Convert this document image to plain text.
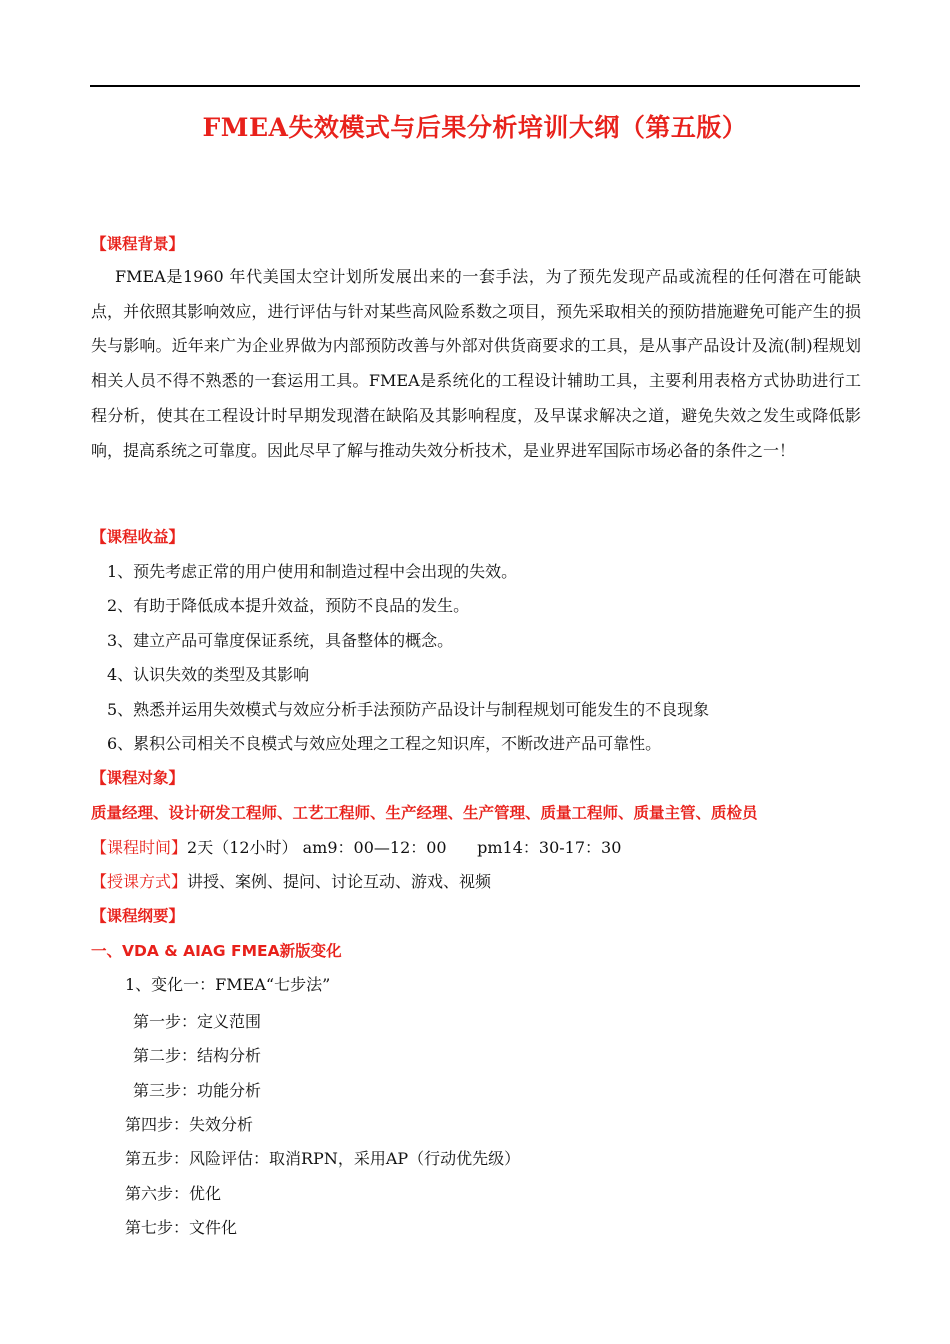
FMEA失效模式与后果分析培训大纲（第五版）
【课程背景】
FMEA是1960 年代美国太空计划所发展出来的一套手法，为了预先发现产品或流程的任何潜在可能缺点，并依照其影响效应，进行评估与针对某些高风险系数之项目，预先采取相关的预防措施避免可能产生的损失与影响。近年来广为企业界做为内部预防改善与外部对供货商要求的工具，是从事产品设计及流(制)程规划相关人员不得不熟悉的一套运用工具。FMEA是系统化的工程设计辅助工具，主要利用表格方式协助进行工程分析，使其在工程设计时早期发现潜在缺陷及其影响程度，及早谋求解决之道，避免失效之发生或降低影响，提高系统之可靠度。因此尽早了解与推动失效分析技术，是业界进军国际市场必备的条件之一！
【课程收益】
1、预先考虑正常的用户使用和制造过程中会出现的失效。
2、有助于降低成本提升效益，预防不良品的发生。
3、建立产品可靠度保证系统，具备整体的概念。
4、认识失效的类型及其影响
5、熟悉并运用失效模式与效应分析手法预防产品设计与制程规划可能发生的不良现象
6、累积公司相关不良模式与效应处理之工程之知识库，不断改进产品可靠性。
【课程对象】
质量经理、设计研发工程师、工艺工程师、生产经理、生产管理、质量工程师、质量主管、质检员
【课程时间】2天（12小时） am9：00—12：00      pm14：30-17：30
【授课方式】讲授、案例、提问、讨论互动、游戏、视频
【课程纲要】
一、VDA & AIAG FMEA新版变化
1、变化一：FMEA“七步法”
第一步：定义范围
第二步：结构分析
第三步：功能分析
第四步：失效分析
第五步：风险评估：取消RPN，采用AP（行动优先级）
第六步：优化
第七步：文件化
